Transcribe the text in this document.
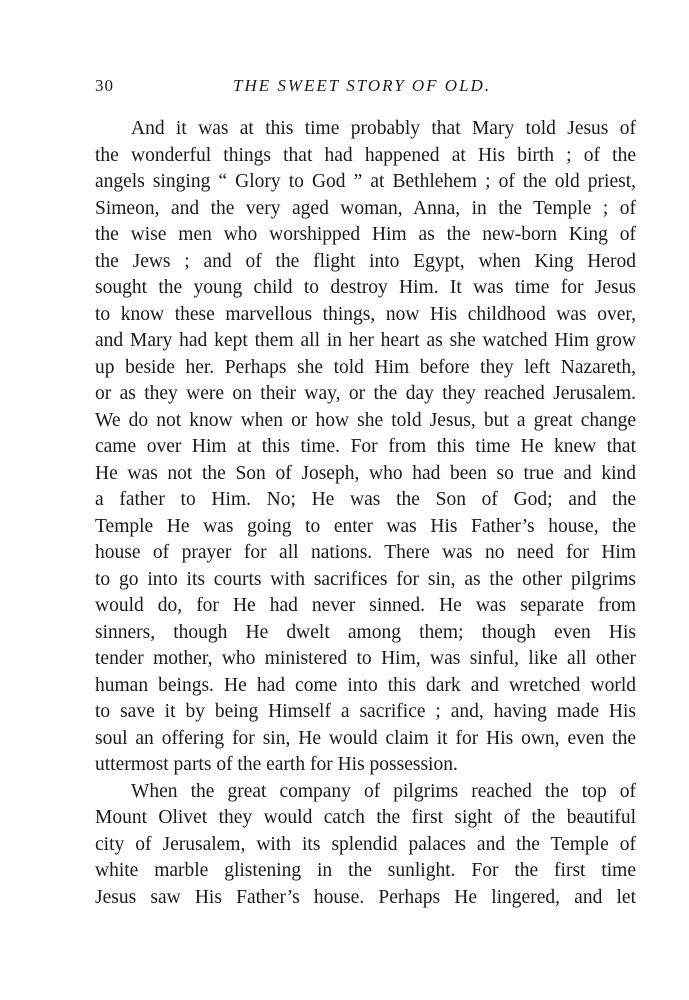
30	THE SWEET STORY OF OLD.
And it was at this time probably that Mary told Jesus of
the wonderful things that had happened at His birth ; of the
angels singing “ Glory to God ” at Bethlehem ; of the old priest,
Simeon, and the very aged woman, Anna, in the Temple ; of
the wise men who worshipped Him as the new-born King of
the Jews ; and of the flight into Egypt, when King Herod
sought the young child to destroy Him. It was time for Jesus
to know these marvellous things, now His childhood was over,
and Mary had kept them all in her heart as she watched Him grow
up beside her. Perhaps she told Him before they left Nazareth,
or as they were on their way, or the day they reached Jerusalem.
We do not know when or how she told Jesus, but a great change
came over Him at this time. For from this time He knew that
He was not the Son of Joseph, who had been so true and kind
a father to Him. No; He was the Son of God; and the
Temple He was going to enter was His Father’s house, the
house of prayer for all nations. There was no need for Him
to go into its courts with sacrifices for sin, as the other pilgrims
would do, for He had never sinned. He was separate from
sinners, though He dwelt among them; though even His
tender mother, who ministered to Him, was sinful, like all other
human beings. He had come into this dark and wretched world
to save it by being Himself a sacrifice ; and, having made His
soul an offering for sin, He would claim it for His own, even the
uttermost parts of the earth for His possession.
When the great company of pilgrims reached the top of
Mount Olivet they would catch the first sight of the beautiful
city of Jerusalem, with its splendid palaces and the Temple of
white marble glistening in the sunlight. For the first time
Jesus saw His Father’s house. Perhaps He lingered, and let
